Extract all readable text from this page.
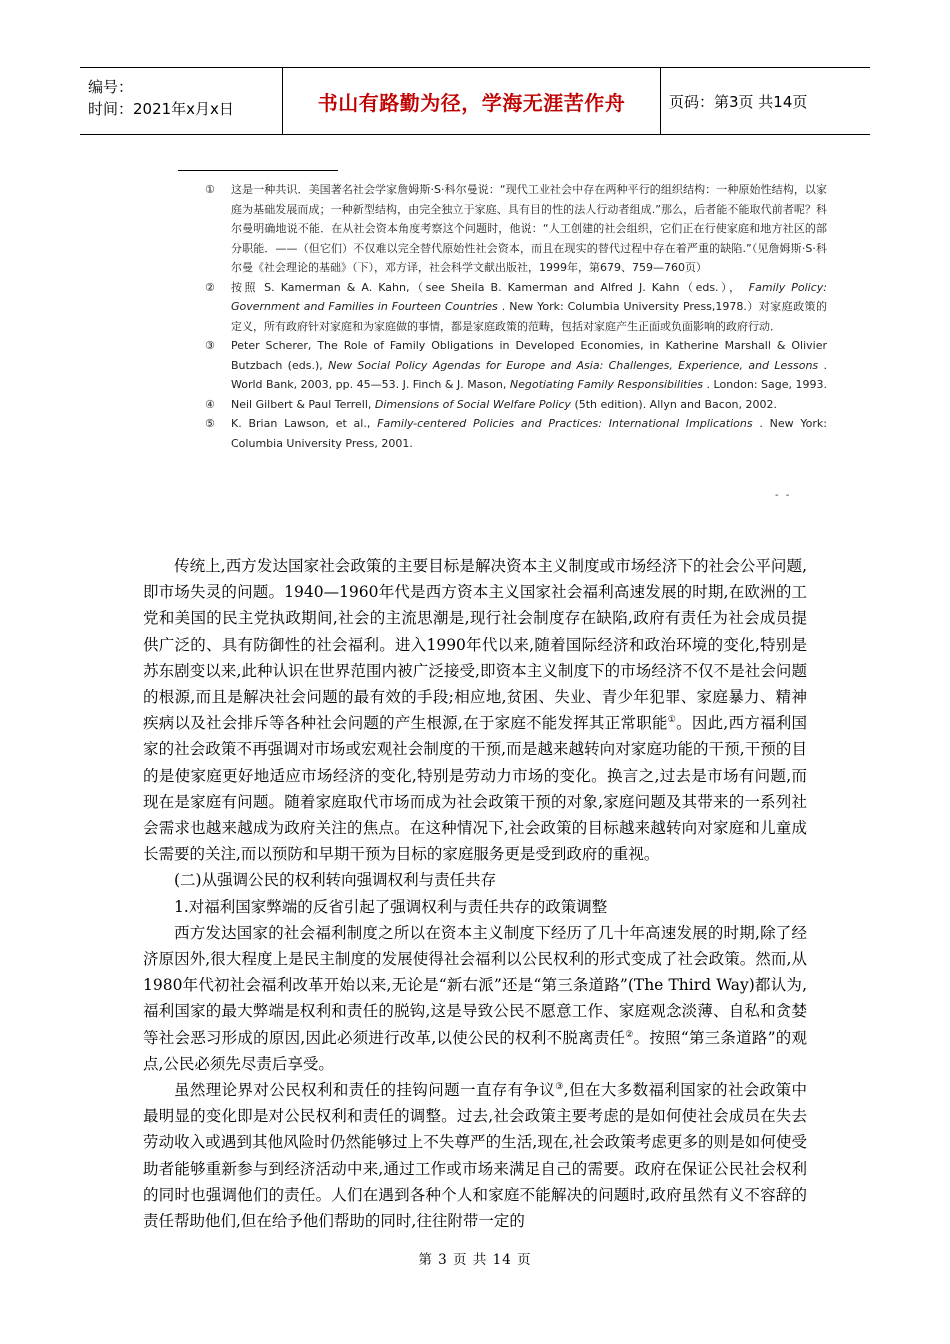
编号：
时间：2021年x月x日	书山有路勤为径，学海无涯苦作舟	页码：第3页 共14页
① 这是一种共识．美国著名社会学家詹姆斯·S·科尔曼说：“现代工业社会中存在两种平行的组织结构：一种原始性结构，以家庭为基础发展而成；一种新型结构，由完全独立于家庭、具有目的性的法人行动者组成.”那么，后者能不能取代前者呢？科尔曼明确地说不能．在从社会资本角度考察这个问题时，他说：“人工创建的社会组织，它们正在行使家庭和地方社区的部分职能．——（但它们）不仅难以完全替代原始性社会资本，而且在现实的替代过程中存在着严重的缺陷.”（见詹姆斯·S·科尔曼《社会理论的基础》（下），邓方译，社会科学文献出版社，1999年，第679、759—760页）
② 按照 S. Kamerman & A. Kahn,（see Sheila B. Kamerman and Alfred J. Kahn（eds.）， Family Policy: Government and Families in Fourteen Countries . New York: Columbia University Press,1978.）对家庭政策的定义，所有政府针对家庭和为家庭做的事情，都是家庭政策的范畴，包括对家庭产生正面或负面影响的政府行动．
③ Peter Scherer, The Role of Family Obligations in Developed Economies, in Katherine Marshall & Olivier Butzbach (eds.), New Social Policy Agendas for Europe and Asia: Challenges, Experience, and Lessons . World Bank, 2003, pp. 45—53. J. Finch & J. Mason, Negotiating Family Responsibilities . London: Sage, 1993.
④ Neil Gilbert & Paul Terrell, Dimensions of Social Welfare Policy (5th edition). Allyn and Bacon, 2002.
⑤ K. Brian Lawson, et al., Family-centered Policies and Practices: International Implications . New York: Columbia University Press, 2001.
- -

传统上,西方发达国家社会政策的主要目标是解决资本主义制度或市场经济下的社会公平问题,即市场失灵的问题。1940—1960年代是西方资本主义国家社会福利高速发展的时期,在欧洲的工党和美国的民主党执政期间,社会的主流思潮是,现行社会制度存在缺陷,政府有责任为社会成员提供广泛的、具有防御性的社会福利。进入1990年代以来,随着国际经济和政治环境的变化,特别是苏东剧变以来,此种认识在世界范围内被广泛接受,即资本主义制度下的市场经济不仅不是社会问题的根源,而且是解决社会问题的最有效的手段;相应地,贫困、失业、青少年犯罪、家庭暴力、精神疾病以及社会排斥等各种社会问题的产生根源,在于家庭不能发挥其正常职能①。因此,西方福利国家的社会政策不再强调对市场或宏观社会制度的干预,而是越来越转向对家庭功能的干预,干预的目的是使家庭更好地适应市场经济的变化,特别是劳动力市场的变化。换言之,过去是市场有问题,而现在是家庭有问题。随着家庭取代市场而成为社会政策干预的对象,家庭问题及其带来的一系列社会需求也越来越成为政府关注的焦点。在这种情况下,社会政策的目标越来越转向对家庭和儿童成长需要的关注,而以预防和早期干预为目标的家庭服务更是受到政府的重视。

(二)从强调公民的权利转向强调权利与责任共存

1.对福利国家弊端的反省引起了强调权利与责任共存的政策调整

西方发达国家的社会福利制度之所以在资本主义制度下经历了几十年高速发展的时期,除了经济原因外,很大程度上是民主制度的发展使得社会福利以公民权利的形式变成了社会政策。然而,从1980年代初社会福利改革开始以来,无论是“新右派”还是“第三条道路”(The Third Way)都认为,福利国家的最大弊端是权利和责任的脱钩,这是导致公民不愿意工作、家庭观念淡薄、自私和贪婪等社会恶习形成的原因,因此必须进行改革,以使公民的权利不脱离责任②。按照“第三条道路”的观点,公民必须先尽责后享受。

虽然理论界对公民权利和责任的挂钩问题一直存有争议③,但在大多数福利国家的社会政策中最明显的变化即是对公民权利和责任的调整。过去,社会政策主要考虑的是如何使社会成员在失去劳动收入或遇到其他风险时仍然能够过上不失尊严的生活,现在,社会政策考虑更多的则是如何使受助者能够重新参与到经济活动中来,通过工作或市场来满足自己的需要。政府在保证公民社会权利的同时也强调他们的责任。人们在遇到各种个人和家庭不能解决的问题时,政府虽然有义不容辞的责任帮助他们,但在给予他们帮助的同时,往往附带一定的

第 3 页 共 14 页
